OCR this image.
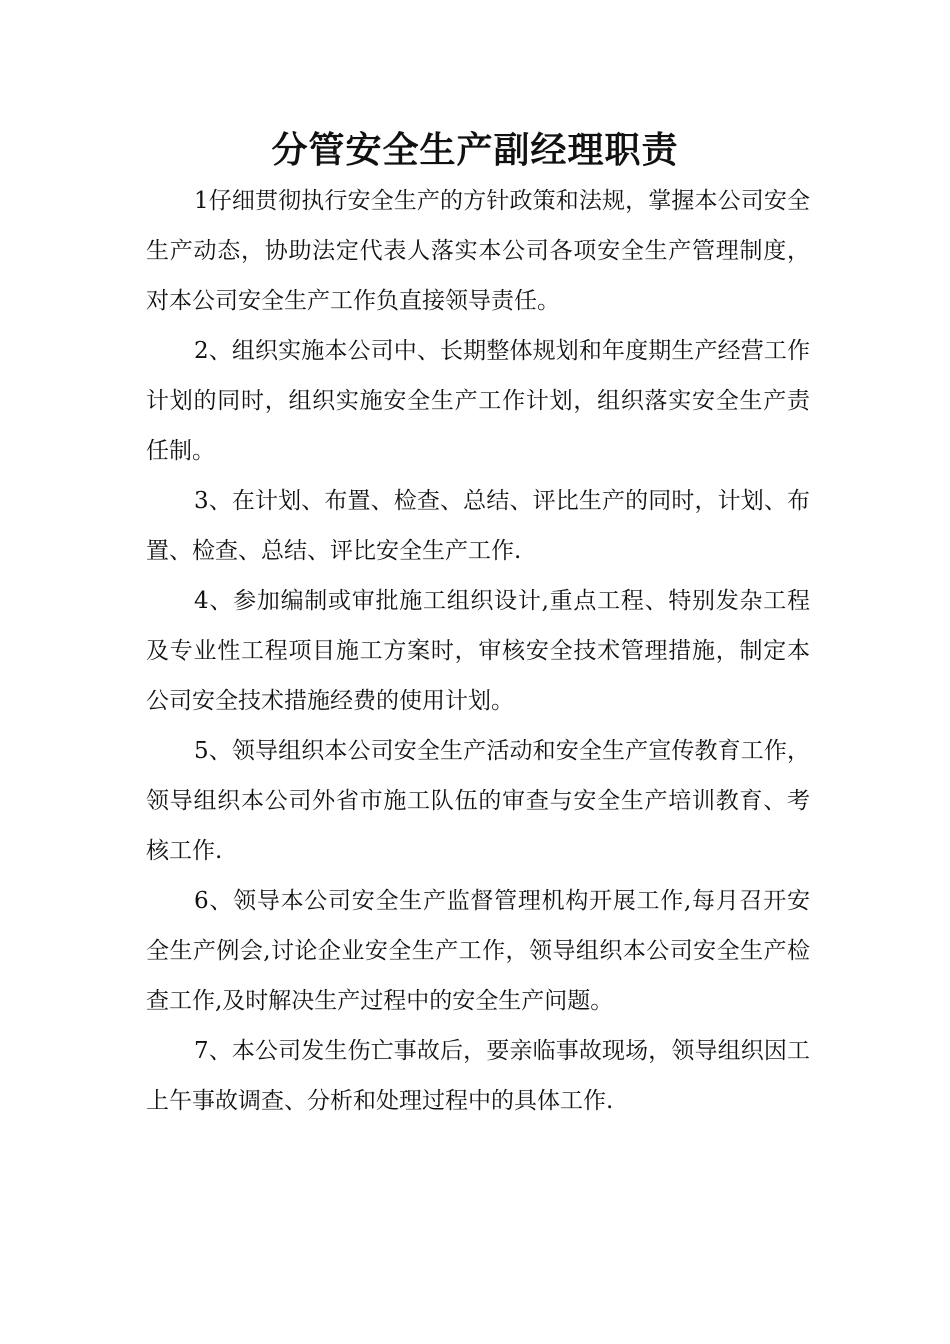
分管安全生产副经理职责

1仔细贯彻执行安全生产的方针政策和法规，掌握本公司安全生产动态，协助法定代表人落实本公司各项安全生产管理制度，对本公司安全生产工作负直接领导责任。

2、组织实施本公司中、长期整体规划和年度期生产经营工作计划的同时，组织实施安全生产工作计划，组织落实安全生产责任制。

3、在计划、布置、检查、总结、评比生产的同时，计划、布置、检查、总结、评比安全生产工作.

4、参加编制或审批施工组织设计,重点工程、特别发杂工程及专业性工程项目施工方案时，审核安全技术管理措施，制定本公司安全技术措施经费的使用计划。

5、领导组织本公司安全生产活动和安全生产宣传教育工作，领导组织本公司外省市施工队伍的审查与安全生产培训教育、考核工作.

6、领导本公司安全生产监督管理机构开展工作,每月召开安全生产例会,讨论企业安全生产工作，领导组织本公司安全生产检查工作,及时解决生产过程中的安全生产问题。

7、本公司发生伤亡事故后，要亲临事故现场，领导组织因工上午事故调查、分析和处理过程中的具体工作.
